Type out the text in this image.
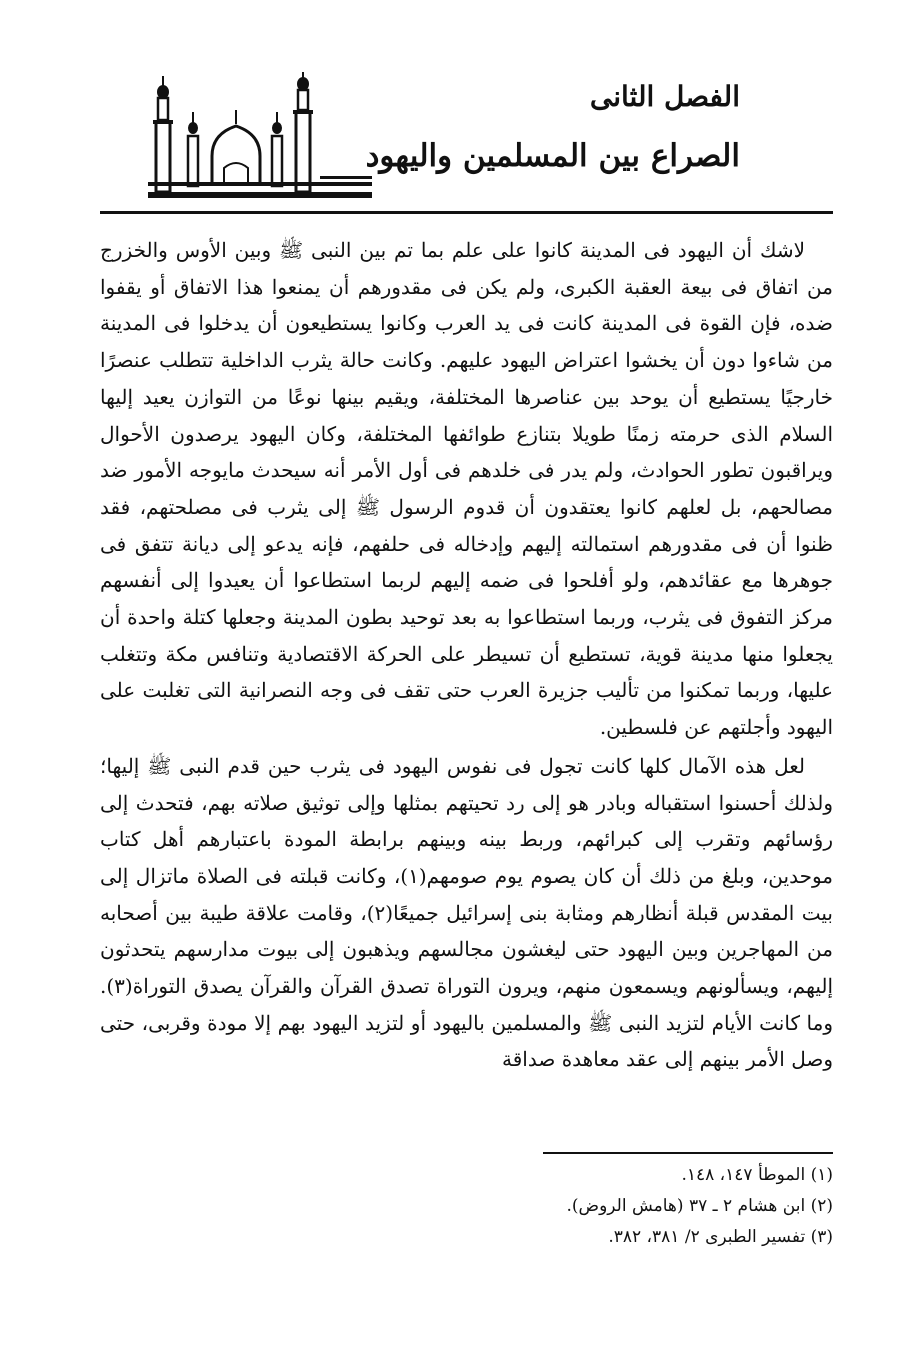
الفصل الثانى
الصراع بين المسلمين واليهود

لاشك أن اليهود فى المدينة كانوا على علم بما تم بين النبى ﷺ وبين الأوس والخزرج من اتفاق فى بيعة العقبة الكبرى، ولم يكن فى مقدورهم أن يمنعوا هذا الاتفاق أو يقفوا ضده، فإن القوة فى المدينة كانت فى يد العرب وكانوا يستطيعون أن يدخلوا فى المدينة من شاءوا دون أن يخشوا اعتراض اليهود عليهم. وكانت حالة يثرب الداخلية تتطلب عنصرًا خارجيًا يستطيع أن يوحد بين عناصرها المختلفة، ويقيم بينها نوعًا من التوازن يعيد إليها السلام الذى حرمته زمنًا طويلا بتنازع طوائفها المختلفة، وكان اليهود يرصدون الأحوال ويراقبون تطور الحوادث، ولم يدر فى خلدهم فى أول الأمر أنه سيحدث مايوجه الأمور ضد مصالحهم، بل لعلهم كانوا يعتقدون أن قدوم الرسول ﷺ إلى يثرب فى مصلحتهم، فقد ظنوا أن فى مقدورهم استمالته إليهم وإدخاله فى حلفهم، فإنه يدعو إلى ديانة تتفق فى جوهرها مع عقائدهم، ولو أفلحوا فى ضمه إليهم لربما استطاعوا أن يعيدوا إلى أنفسهم مركز التفوق فى يثرب، وربما استطاعوا به بعد توحيد بطون المدينة وجعلها كتلة واحدة أن يجعلوا منها مدينة قوية، تستطيع أن تسيطر على الحركة الاقتصادية وتنافس مكة وتتغلب عليها، وربما تمكنوا من تأليب جزيرة العرب حتى تقف فى وجه النصرانية التى تغلبت على اليهود وأجلتهم عن فلسطين.

لعل هذه الآمال كلها كانت تجول فى نفوس اليهود فى يثرب حين قدم النبى ﷺ إليها؛ ولذلك أحسنوا استقباله وبادر هو إلى رد تحيتهم بمثلها وإلى توثيق صلاته بهم، فتحدث إلى رؤسائهم وتقرب إلى كبرائهم، وربط بينه وبينهم برابطة المودة باعتبارهم أهل كتاب موحدين، وبلغ من ذلك أن كان يصوم يوم صومهم(١)، وكانت قبلته فى الصلاة ماتزال إلى بيت المقدس قبلة أنظارهم ومثابة بنى إسرائيل جميعًا(٢)، وقامت علاقة طيبة بين أصحابه من المهاجرين وبين اليهود حتى ليغشون مجالسهم ويذهبون إلى بيوت مدارسهم يتحدثون إليهم، ويسألونهم ويسمعون منهم، ويرون التوراة تصدق القرآن والقرآن يصدق التوراة(٣). وما كانت الأيام لتزيد النبى ﷺ والمسلمين باليهود أو لتزيد اليهود بهم إلا مودة وقربى، حتى وصل الأمر بينهم إلى عقد معاهدة صداقة

(١) الموطأ ١٤٧، ١٤٨.
(٢) ابن هشام ٢ ـ ٣٧ (هامش الروض).
(٣) تفسير الطبرى ٢/ ٣٨١، ٣٨٢.
